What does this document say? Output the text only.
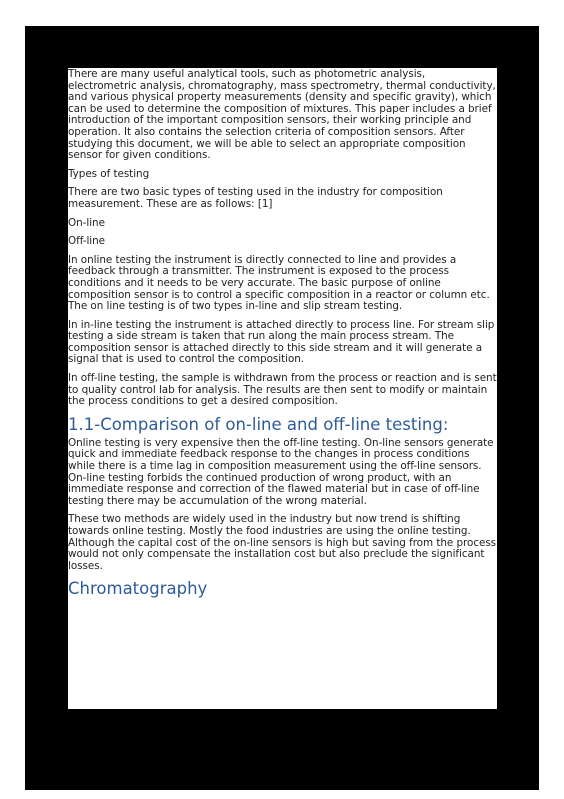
There are many useful analytical tools, such as photometric analysis, electrometric analysis, chromatography, mass spectrometry, thermal conductivity, and various physical property measurements (density and specific gravity), which can be used to determine the composition of mixtures. This paper includes a brief introduction of the important composition sensors, their working principle and operation. It also contains the selection criteria of composition sensors. After studying this document, we will be able to select an appropriate composition sensor for given conditions.

Types of testing

There are two basic types of testing used in the industry for composition measurement. These are as follows: [1]

On-line

Off-line

In online testing the instrument is directly connected to line and provides a feedback through a transmitter. The instrument is exposed to the process conditions and it needs to be very accurate. The basic purpose of online composition sensor is to control a specific composition in a reactor or column etc. The on line testing is of two types in-line and slip stream testing.

In in-line testing the instrument is attached directly to process line. For stream slip testing a side stream is taken that run along the main process stream. The composition sensor is attached directly to this side stream and it will generate a signal that is used to control the composition.

In off-line testing, the sample is withdrawn from the process or reaction and is sent to quality control lab for analysis. The results are then sent to modify or maintain the process conditions to get a desired composition.

1.1-Comparison of on-line and off-line testing:

Online testing is very expensive then the off-line testing. On-line sensors generate quick and immediate feedback response to the changes in process conditions while there is a time lag in composition measurement using the off-line sensors. On-line testing forbids the continued production of wrong product, with an immediate response and correction of the flawed material but in case of off-line testing there may be accumulation of the wrong material.

These two methods are widely used in the industry but now trend is shifting towards online testing. Mostly the food industries are using the online testing. Although the capital cost of the on-line sensors is high but saving from the process would not only compensate the installation cost but also preclude the significant losses.

Chromatography
